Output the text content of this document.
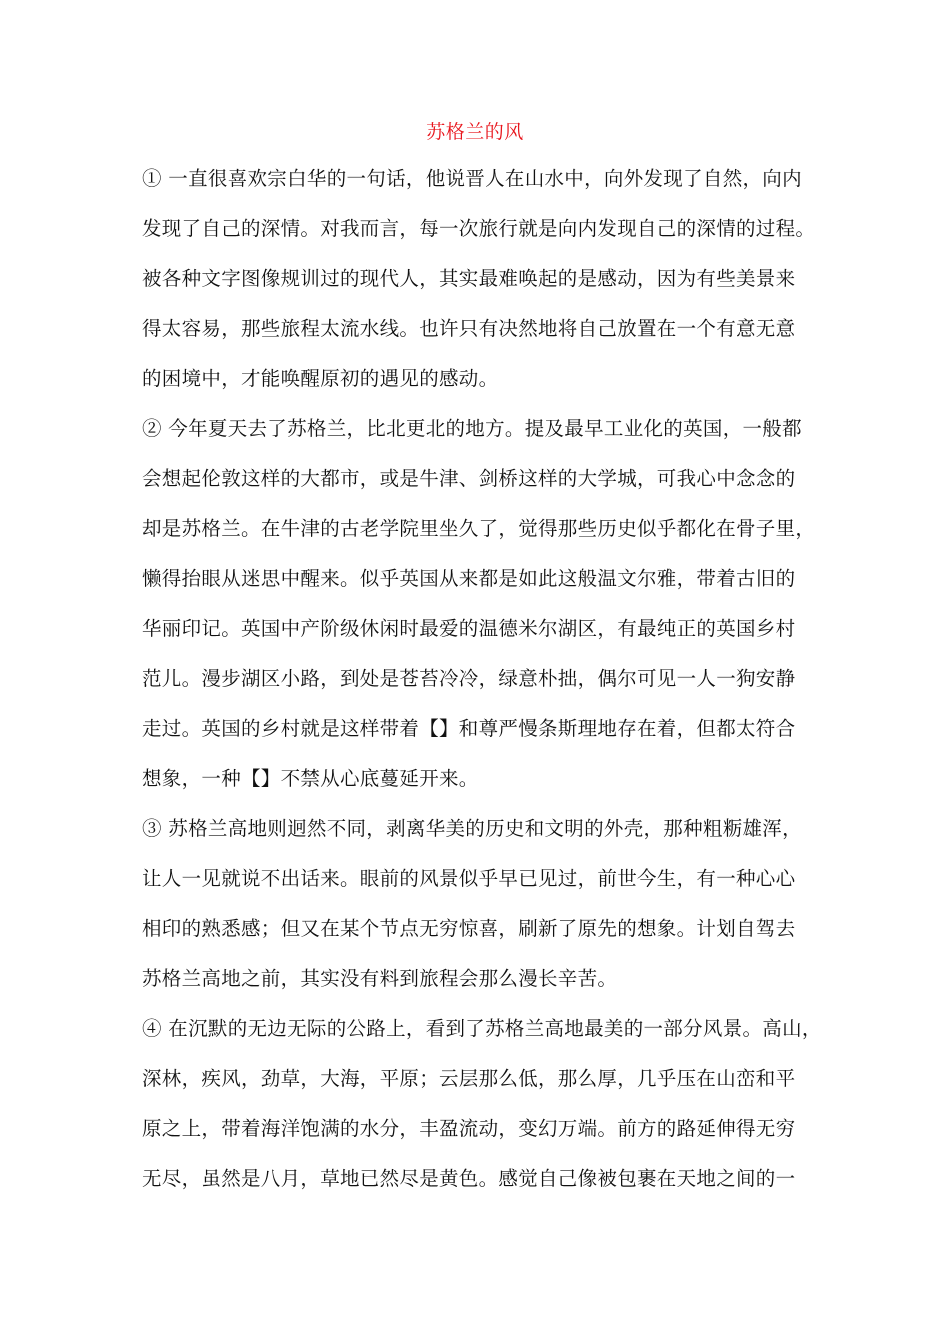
苏格兰的风
① 一直很喜欢宗白华的一句话，他说晋人在山水中，向外发现了自然，向内
发现了自己的深情。对我而言，每一次旅行就是向内发现自己的深情的过程。
被各种文字图像规训过的现代人，其实最难唤起的是感动，因为有些美景来
得太容易，那些旅程太流水线。也许只有决然地将自己放置在一个有意无意
的困境中，才能唤醒原初的遇见的感动。
② 今年夏天去了苏格兰，比北更北的地方。提及最早工业化的英国，一般都
会想起伦敦这样的大都市，或是牛津、剑桥这样的大学城，可我心中念念的
却是苏格兰。在牛津的古老学院里坐久了，觉得那些历史似乎都化在骨子里，
懒得抬眼从迷思中醒来。似乎英国从来都是如此这般温文尔雅，带着古旧的
华丽印记。英国中产阶级休闲时最爱的温德米尔湖区，有最纯正的英国乡村
范儿。漫步湖区小路，到处是苍苔冷冷，绿意朴拙，偶尔可见一人一狗安静
走过。英国的乡村就是这样带着【】和尊严慢条斯理地存在着，但都太符合
想象，一种【】不禁从心底蔓延开来。
③ 苏格兰高地则迥然不同，剥离华美的历史和文明的外壳，那种粗粝雄浑，
让人一见就说不出话来。眼前的风景似乎早已见过，前世今生，有一种心心
相印的熟悉感；但又在某个节点无穷惊喜，刷新了原先的想象。计划自驾去
苏格兰高地之前，其实没有料到旅程会那么漫长辛苦。
④ 在沉默的无边无际的公路上，看到了苏格兰高地最美的一部分风景。高山，
深林，疾风，劲草，大海，平原；云层那么低，那么厚，几乎压在山峦和平
原之上，带着海洋饱满的水分，丰盈流动，变幻万端。前方的路延伸得无穷
无尽，虽然是八月，草地已然尽是黄色。感觉自己像被包裹在天地之间的一
